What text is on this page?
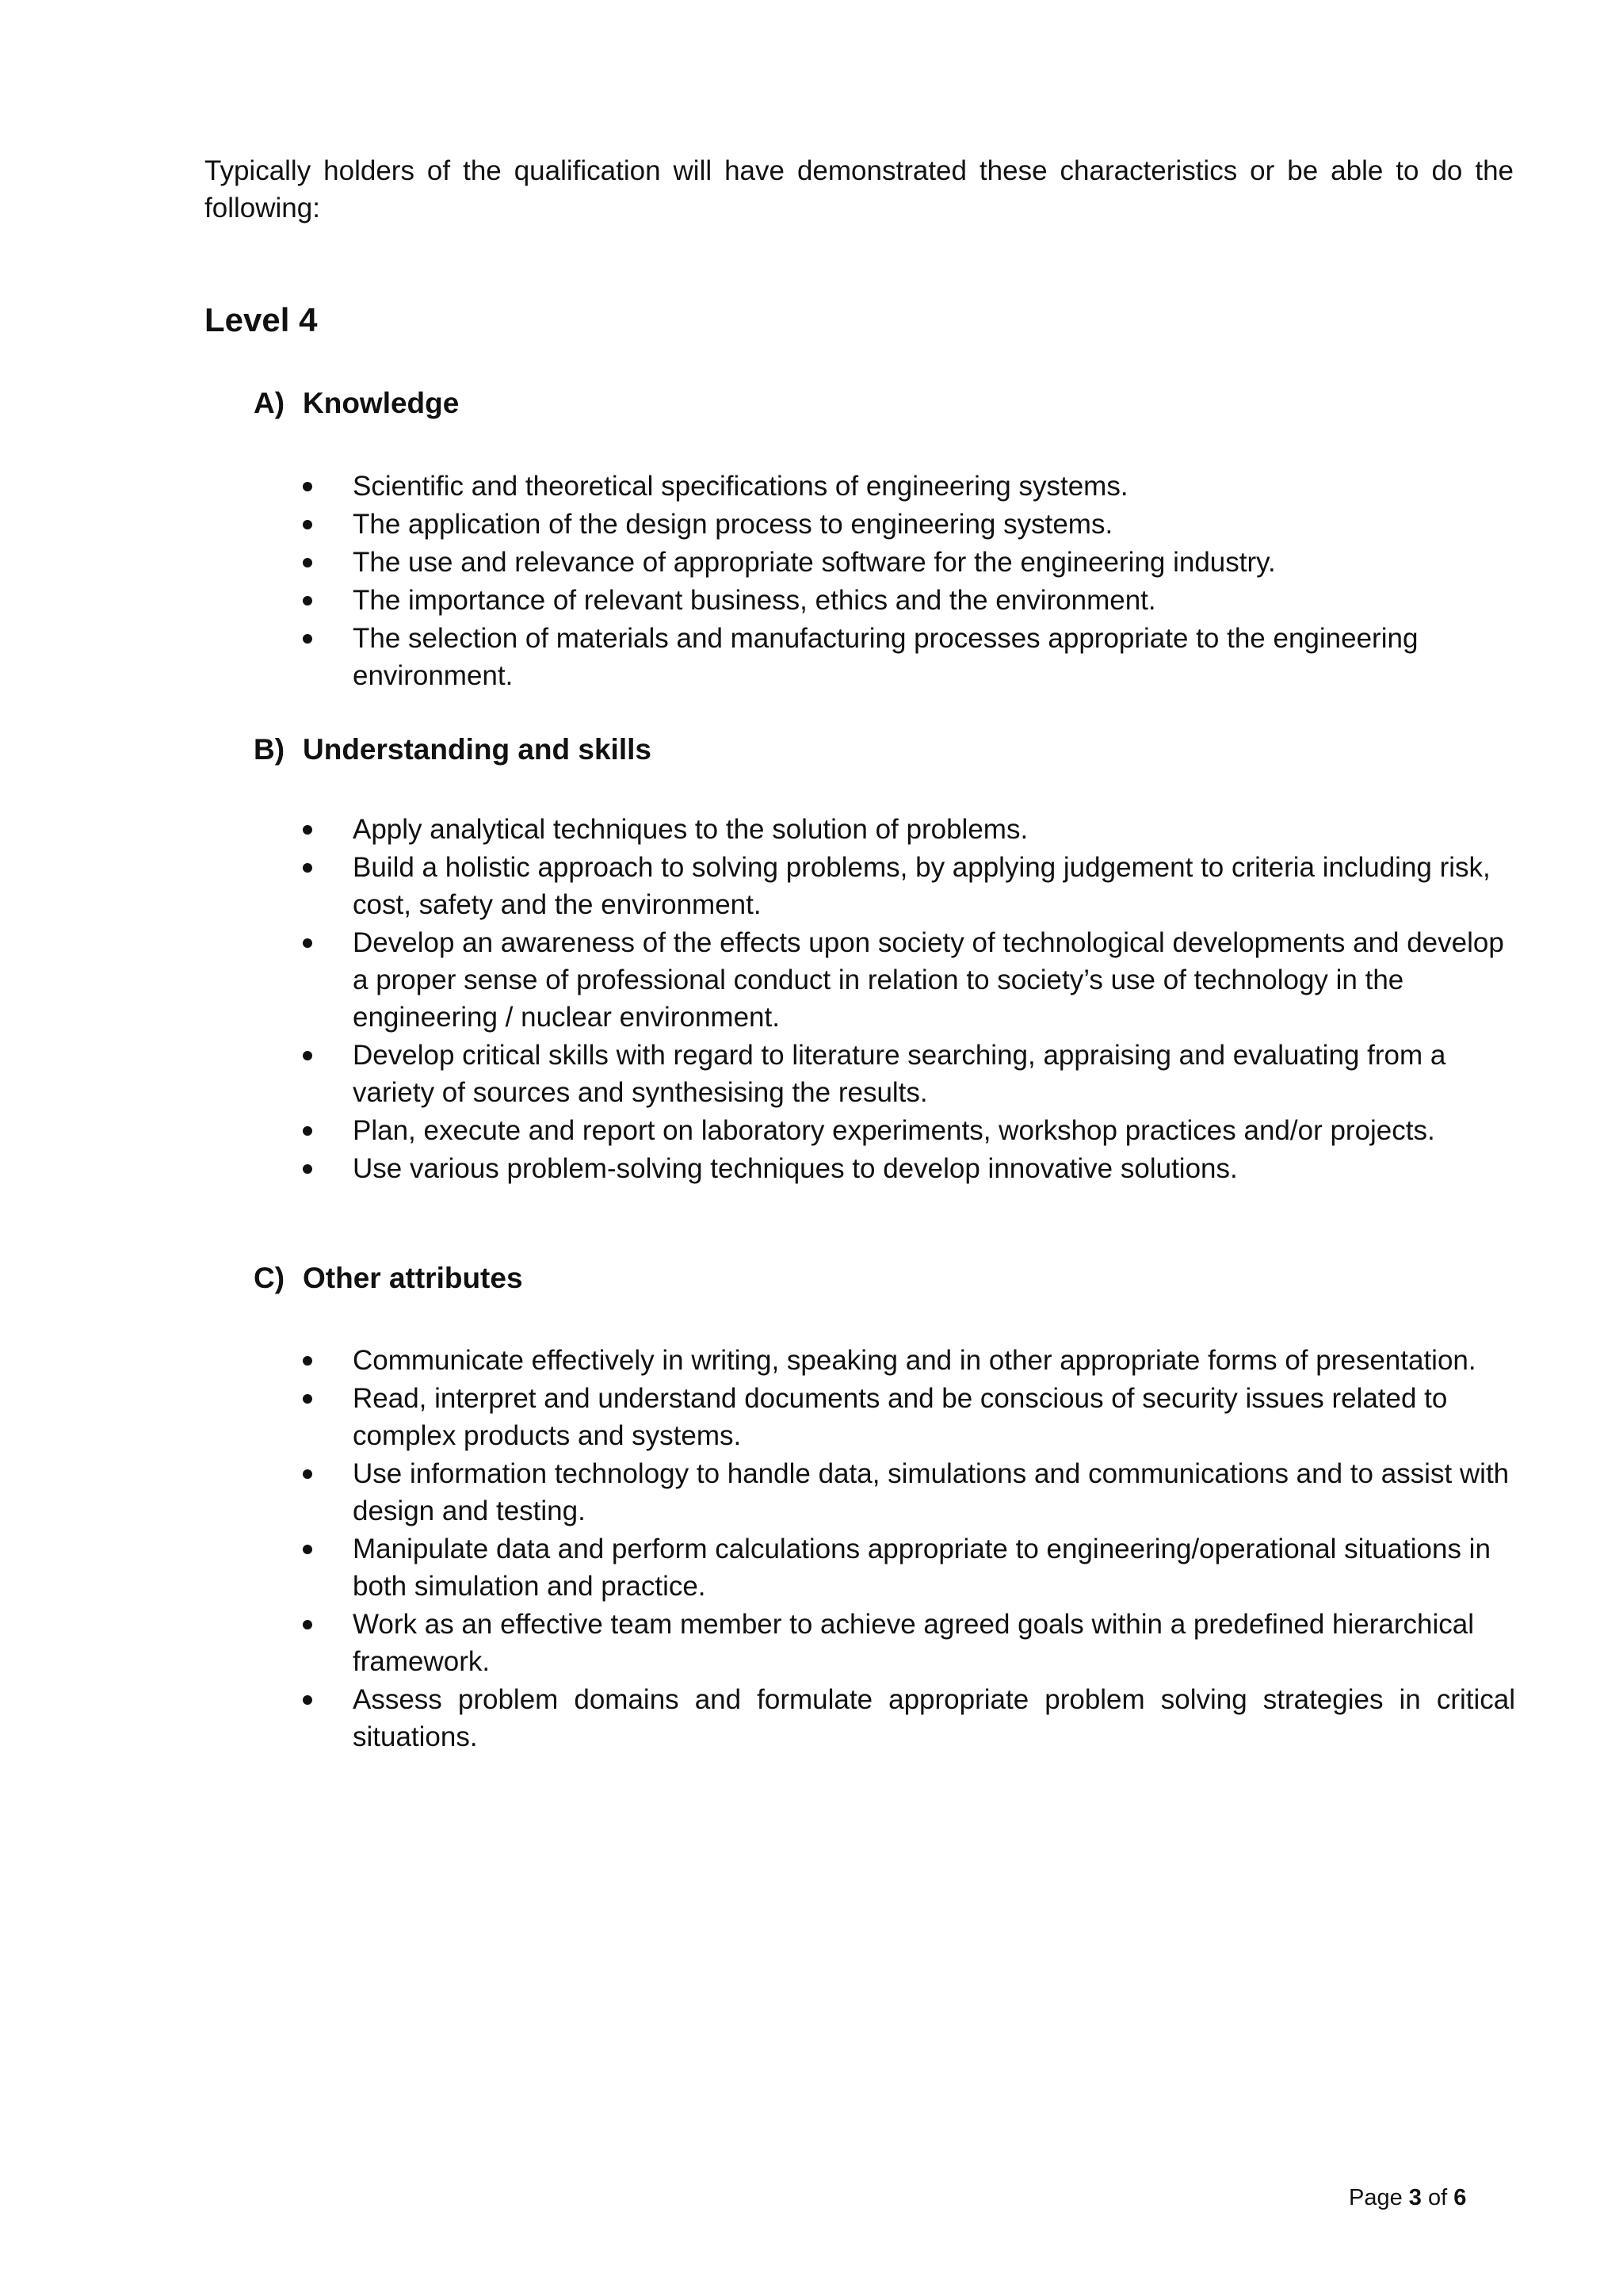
Typically holders of the qualification will have demonstrated these characteristics or be able to do the following:

Level 4
A) Knowledge
Scientific and theoretical specifications of engineering systems.
The application of the design process to engineering systems.
The use and relevance of appropriate software for the engineering industry.
The importance of relevant business, ethics and the environment.
The selection of materials and manufacturing processes appropriate to the engineering environment.
B) Understanding and skills
Apply analytical techniques to the solution of problems.
Build a holistic approach to solving problems, by applying judgement to criteria including risk, cost, safety and the environment.
Develop an awareness of the effects upon society of technological developments and develop a proper sense of professional conduct in relation to society’s use of technology in the engineering / nuclear environment.
Develop critical skills with regard to literature searching, appraising and evaluating from a variety of sources and synthesising the results.
Plan, execute and report on laboratory experiments, workshop practices and/or projects.
Use various problem-solving techniques to develop innovative solutions.
C) Other attributes
Communicate effectively in writing, speaking and in other appropriate forms of presentation.
Read, interpret and understand documents and be conscious of security issues related to complex products and systems.
Use information technology to handle data, simulations and communications and to assist with design and testing.
Manipulate data and perform calculations appropriate to engineering/operational situations in both simulation and practice.
Work as an effective team member to achieve agreed goals within a predefined hierarchical framework.
Assess problem domains and formulate appropriate problem solving strategies in critical situations.
Page 3 of 6
